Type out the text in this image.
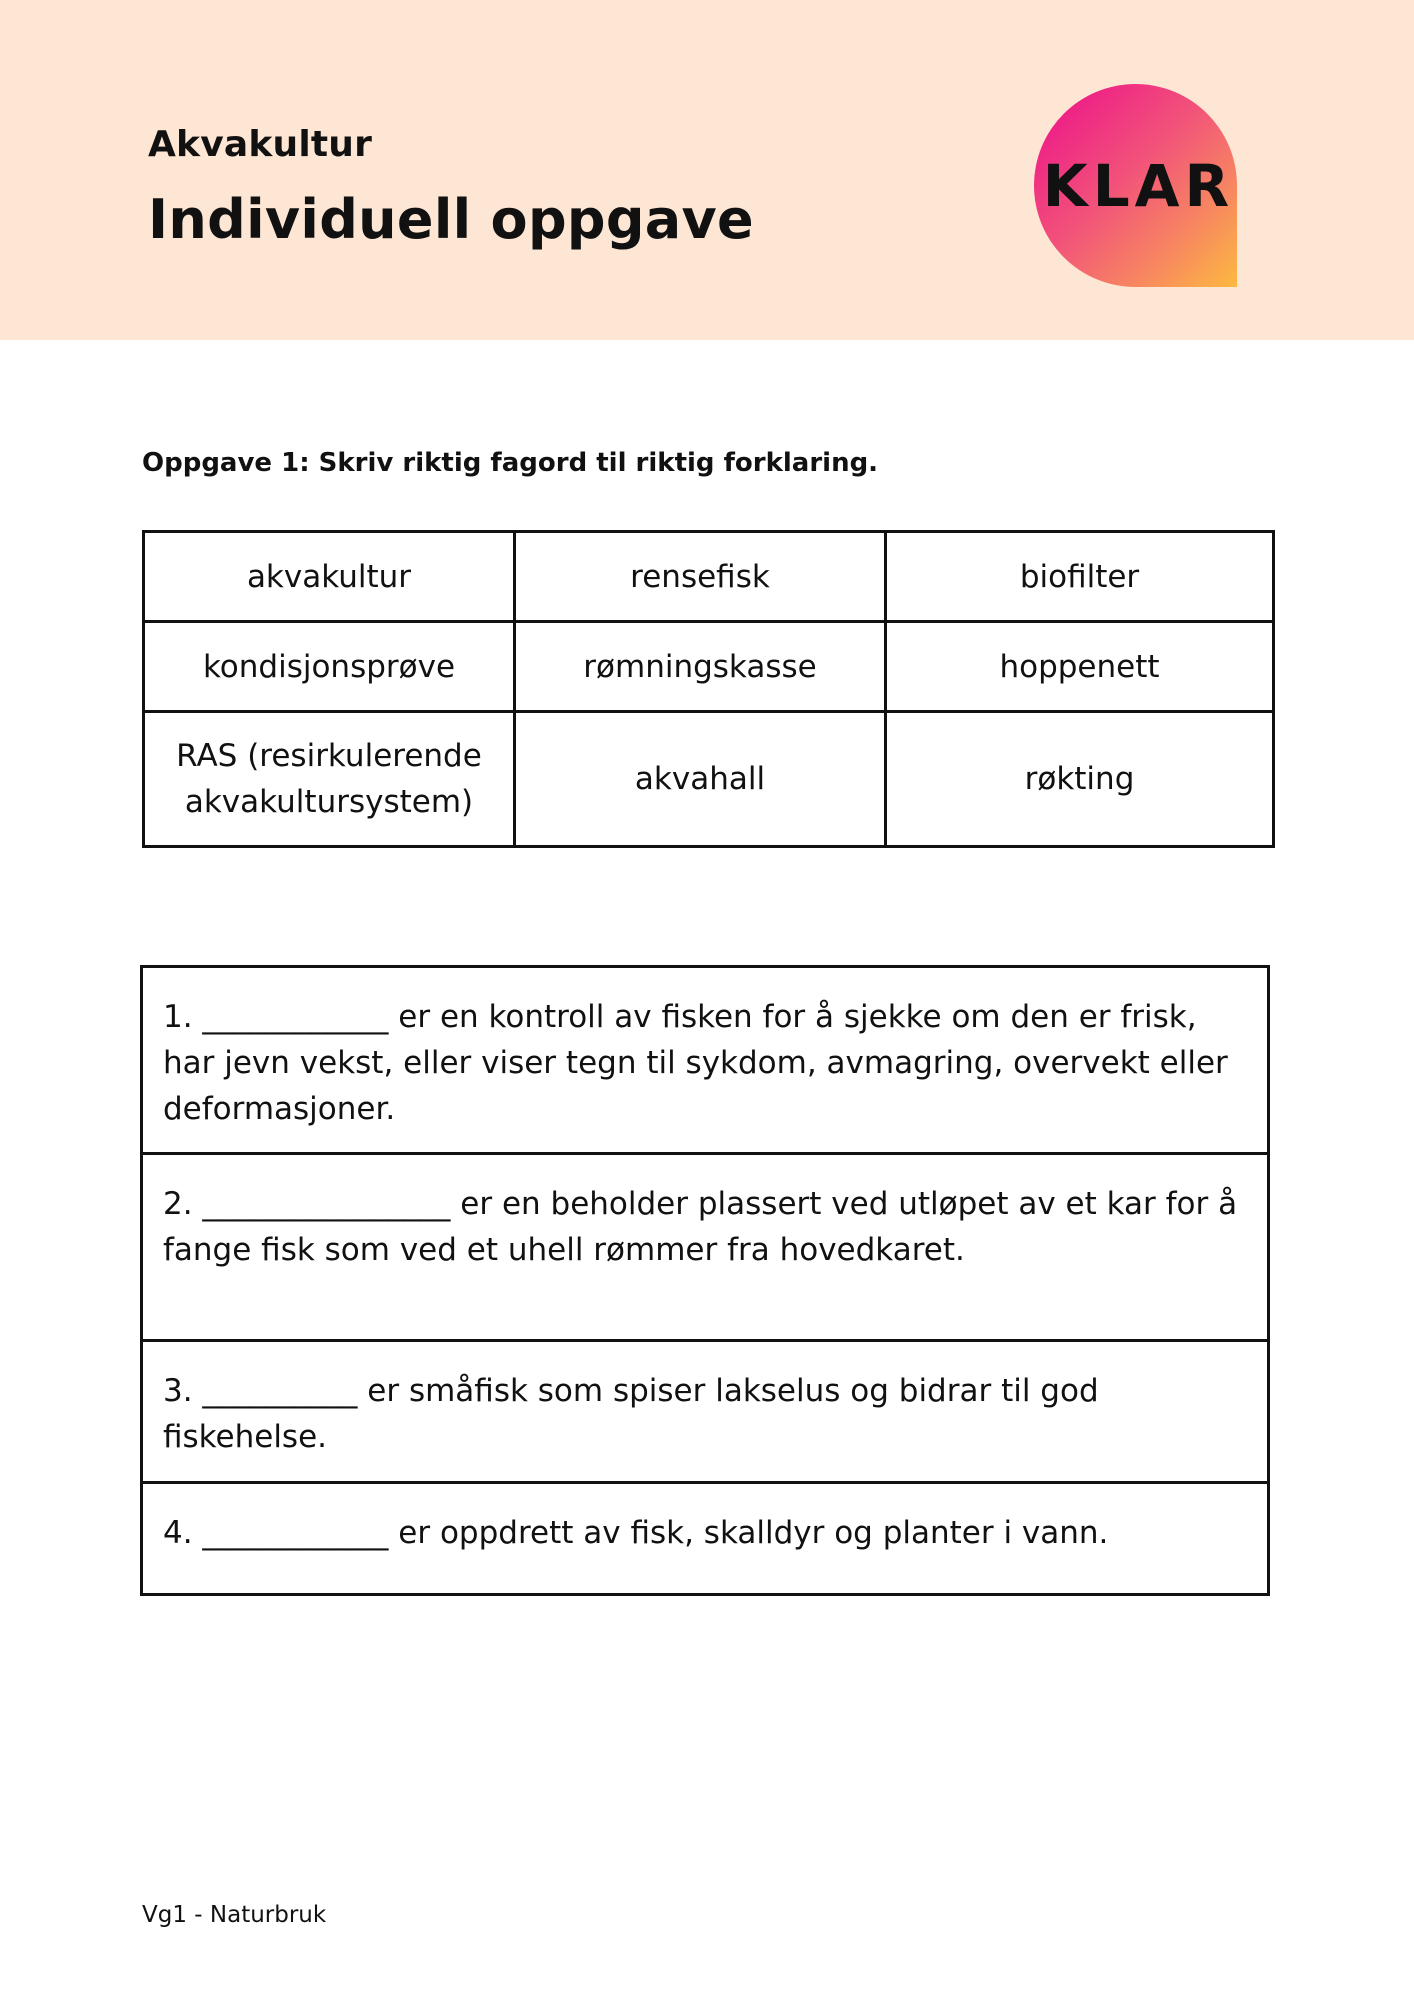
Akvakultur
Individuell oppgave	KLAR
Oppgave 1: Skriv riktig fagord til riktig forklaring.
akvakultur	rensefisk	biofilter
kondisjonsprøve	rømningskasse	hoppenett
RAS (resirkulerende akvakultursystem)	akvahall	røkting
1. ____________ er en kontroll av fisken for å sjekke om den er frisk, har jevn vekst, eller viser tegn til sykdom, avmagring, overvekt eller deformasjoner.
2. ________________ er en beholder plassert ved utløpet av et kar for å fange fisk som ved et uhell rømmer fra hovedkaret.
3. __________ er småfisk som spiser lakselus og bidrar til god fiskehelse.
4. ____________ er oppdrett av fisk, skalldyr og planter i vann.
Vg1 - Naturbruk
